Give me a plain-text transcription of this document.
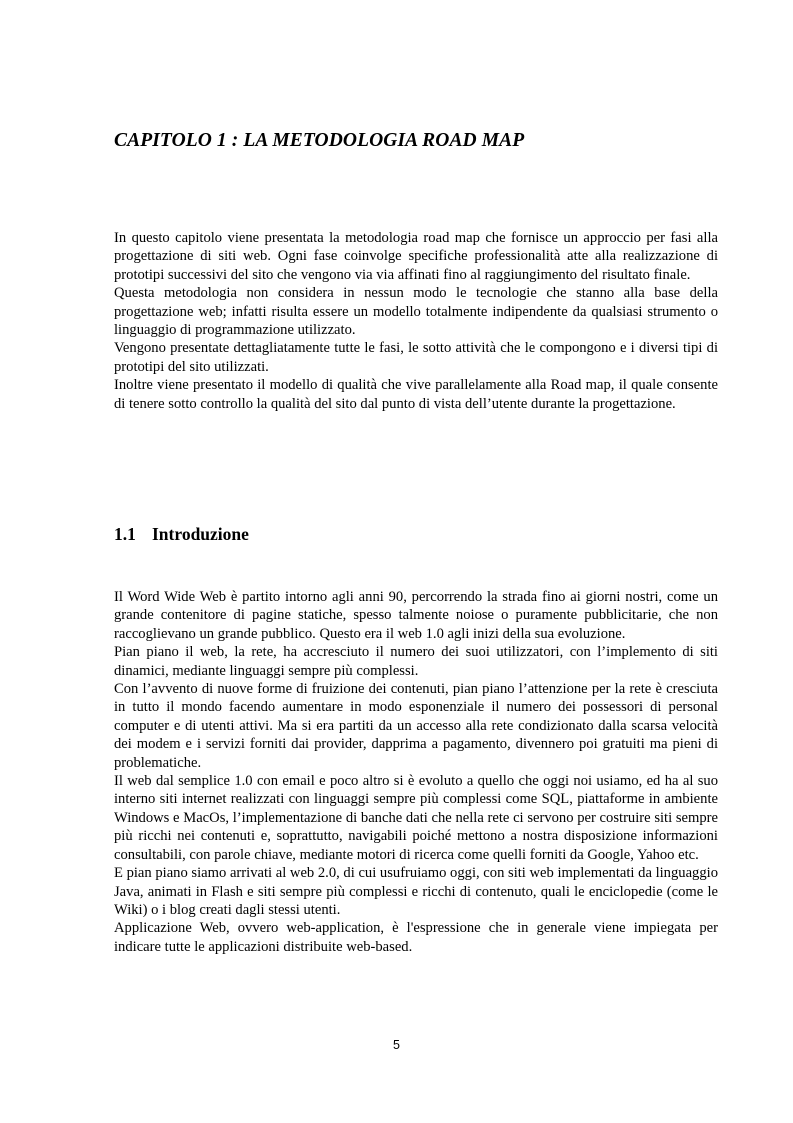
CAPITOLO 1 : LA METODOLOGIA ROAD MAP

In questo capitolo viene presentata la metodologia road map che fornisce un approccio per fasi alla progettazione di siti web. Ogni fase coinvolge specifiche professionalità atte alla realizzazione di prototipi successivi del sito che vengono via via affinati fino al raggiungimento del risultato finale.

Questa metodologia non considera in nessun modo le tecnologie che stanno alla base della progettazione web; infatti risulta essere un modello totalmente indipendente da qualsiasi strumento o linguaggio di programmazione utilizzato.

Vengono presentate dettagliatamente tutte le fasi, le sotto attività che le compongono e i diversi tipi di prototipi del sito utilizzati.

Inoltre viene presentato il modello di qualità che vive parallelamente alla Road map, il quale consente di tenere sotto controllo la qualità del sito dal punto di vista dell’utente durante la progettazione.

1.1 Introduzione

Il Word Wide Web è partito intorno agli anni 90, percorrendo la strada fino ai giorni nostri, come un grande contenitore di pagine statiche, spesso talmente noiose o puramente pubblicitarie, che non raccoglievano un grande pubblico. Questo era il web 1.0 agli inizi della sua evoluzione.

Pian piano il web, la rete, ha accresciuto il numero dei suoi utilizzatori, con l’implemento di siti dinamici, mediante linguaggi sempre più complessi.

Con l’avvento di nuove forme di fruizione dei contenuti, pian piano l’attenzione per la rete è cresciuta in tutto il mondo facendo aumentare in modo esponenziale il numero dei possessori di personal computer e di utenti attivi. Ma si era partiti da un accesso alla rete condizionato dalla scarsa velocità dei modem e i servizi forniti dai provider, dapprima a pagamento, divennero poi gratuiti ma pieni di problematiche.

Il web dal semplice 1.0 con email e poco altro si è evoluto a quello che oggi noi usiamo, ed ha al suo interno siti internet realizzati con linguaggi sempre più complessi come SQL, piattaforme in ambiente Windows e MacOs, l’implementazione di banche dati che nella rete ci servono per costruire siti sempre più ricchi nei contenuti e, soprattutto, navigabili poiché mettono a nostra disposizione informazioni consultabili, con parole chiave, mediante motori di ricerca come quelli forniti da Google, Yahoo etc.

E pian piano siamo arrivati al web 2.0, di cui usufruiamo oggi, con siti web implementati da linguaggio Java, animati in Flash e siti sempre più complessi e ricchi di contenuto, quali le enciclopedie (come le Wiki) o i blog creati dagli stessi utenti.

Applicazione Web, ovvero web-application, è l'espressione che in generale viene impiegata per indicare tutte le applicazioni distribuite web-based.

5
